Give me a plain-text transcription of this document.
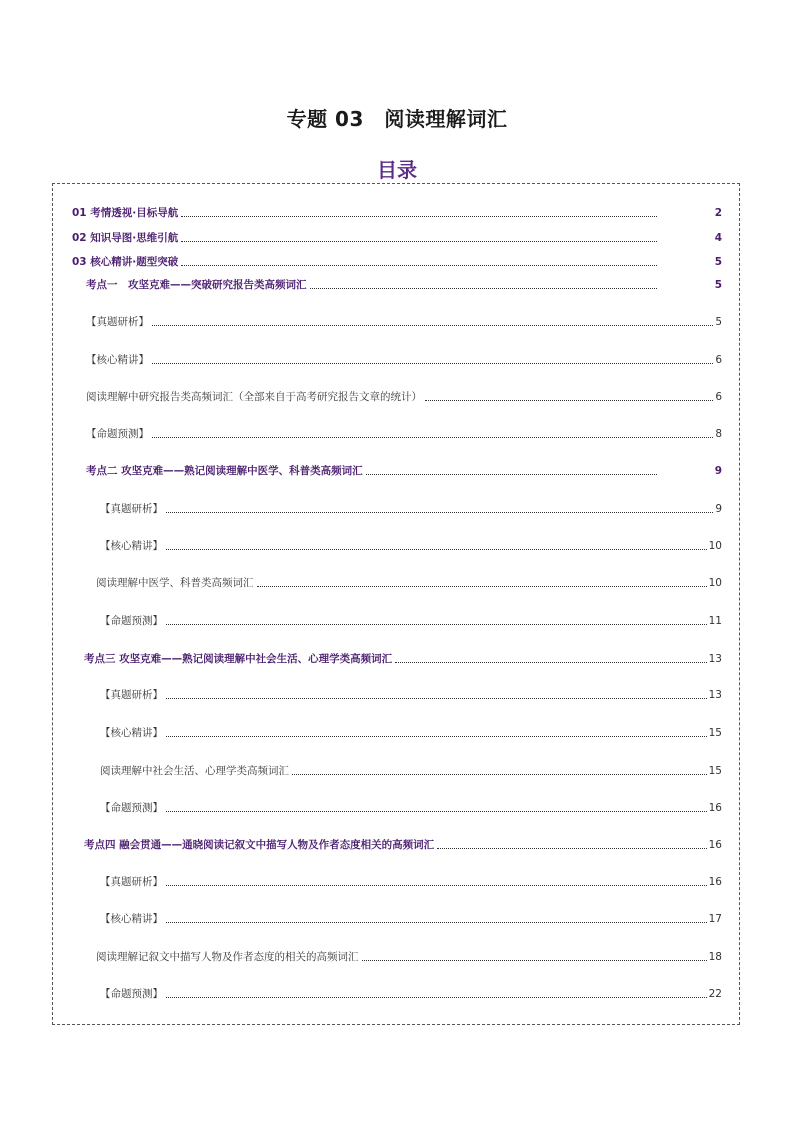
专题 03　阅读理解词汇
目录
01 考情透视·目标导航	2
02 知识导图·思维引航	4
03 核心精讲·题型突破	5
考点一　攻坚克难——突破研究报告类高频词汇	5
【真题研析】	5
【核心精讲】	6
阅读理解中研究报告类高频词汇（全部来自于高考研究报告文章的统计）	6
【命题预测】	8
考点二 攻坚克难——熟记阅读理解中医学、科普类高频词汇	9
【真题研析】	9
【核心精讲】	10
阅读理解中医学、科普类高频词汇	10
【命题预测】	11
考点三 攻坚克难——熟记阅读理解中社会生活、心理学类高频词汇	13
【真题研析】	13
【核心精讲】	15
阅读理解中社会生活、心理学类高频词汇	15
【命题预测】	16
考点四 融会贯通——通晓阅读记叙文中描写人物及作者态度相关的高频词汇	16
【真题研析】	16
【核心精讲】	17
阅读理解记叙文中描写人物及作者态度的相关的高频词汇	18
【命题预测】	22
